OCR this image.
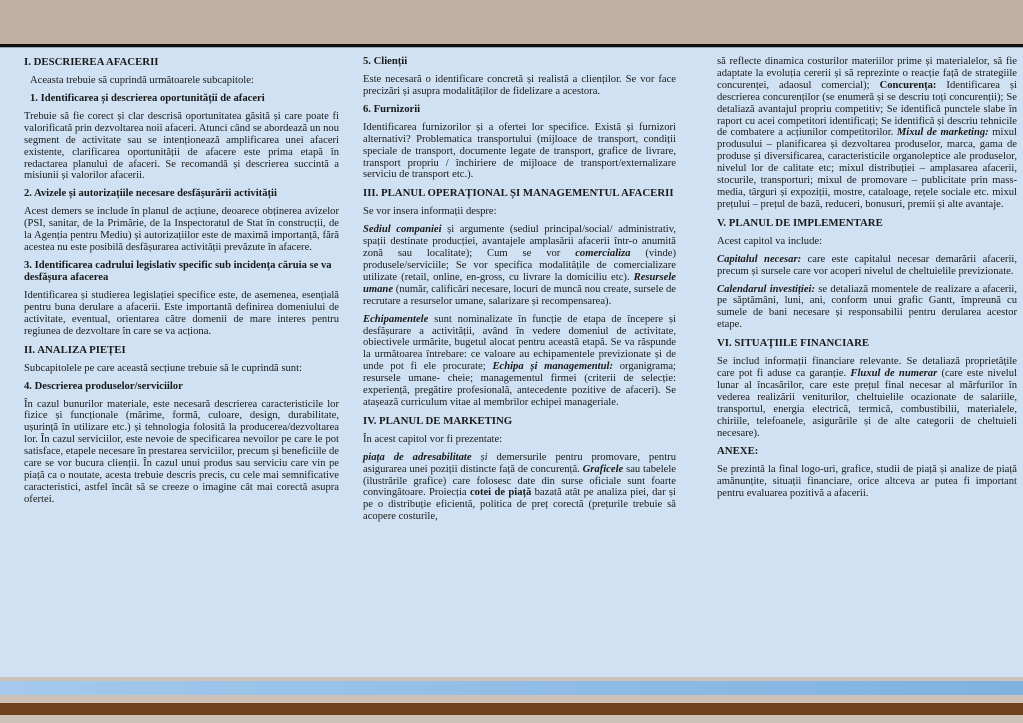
I. DESCRIEREA AFACERII

Aceasta trebuie să cuprindă următoarele subcapitole:

1. Identificarea și descrierea oportunității de afaceri

Trebuie să fie corect și clar descrisă oportunitatea găsită și care poate fi valorificată prin dezvoltarea noii afaceri. Atunci când se abordează un nou segment de activitate sau se intenționează amplificarea unei afaceri existente, clarificarea oportunității de afacere este prima etapă în redactarea planului de afaceri. Se recomandă și descrierea succintă a misiunii și valorilor afacerii.

2. Avizele și autorizațiile necesare desfășurării activității

Acest demers se include în planul de acțiune, deoarece obținerea avizelor (PSI, sanitar, de la Primărie, de la Inspectoratul de Stat în construcții, de la Agenția pentru Mediu) și autorizațiilor este de maximă importanță, fără acestea nu este posibilă desfășurarea activității prevăzute în afacere.

3. Identificarea cadrului legislativ specific sub incidența căruia se va desfășura afacerea

Identificarea și studierea legislației specifice este, de asemenea, esențială pentru buna derulare a afacerii. Este importantă definirea domeniului de activitate, eventual, orientarea către domenii de mare interes pentru regiunea de dezvoltare în care se va acționa.

II. ANALIZA PIEȚEI

Subcapitolele pe care această secțiune trebuie să le cuprindă sunt:

4. Descrierea produselor/serviciilor

În cazul bunurilor materiale, este necesară descrierea caracteristicile lor fizice și funcționale (mărime, formă, culoare, design, durabilitate, ușurință în utilizare etc.) și tehnologia folosită la producerea/dezvoltarea lor. În cazul serviciilor, este nevoie de specificarea nevoilor pe care le pot satisface, etapele necesare în prestarea serviciilor, precum și beneficiile de care se vor bucura clienții. În cazul unui produs sau serviciu care vin pe piață ca o noutate, acesta trebuie descris precis, cu cele mai semnificative caracteristici, astfel încât să se creeze o imagine cât mai corectă asupra ofertei.

5. Clienții

Este necesară o identificare concretă și realistă a clienților. Se vor face precizări și asupra modalităților de fidelizare a acestora.

6. Furnizorii

Identificarea furnizorilor și a ofertei lor specifice. Există și furnizori alternativi? Problematica transportului (mijloace de transport, condiții speciale de transport, documente legate de transport, grafice de livrare, transport propriu / închiriere de mijloace de transport/externalizare serviciu de transport etc.).

III. PLANUL OPERAȚIONAL ȘI MANAGEMENTUL AFACERII

Se vor insera informații despre:

Sediul companiei și argumente (sediul principal/social/ administrativ, spații destinate producției, avantajele amplasării afacerii într-o anumită zonă sau localitate); Cum se vor comercializa (vinde) produsele/serviciile; Se vor specifica modalitățile de comercializare utilizate (retail, online, en-gross, cu livrare la domiciliu etc). Resursele umane (număr, calificări necesare, locuri de muncă nou create, sursele de recrutare a resurselor umane, salarizare și recompensarea).

Echipamentele sunt nominalizate în funcție de etapa de începere și desfășurare a activității, având în vedere domeniul de activitate, obiectivele urmărite, bugetul alocat pentru această etapă. Se va răspunde la următoarea întrebare: ce valoare au echipamentele previzionate și de unde pot fi ele procurate; Echipa și managementul: organigrama; resursele umane- cheie; managementul firmei (criterii de selecție: experiență, pregătire profesională, antecedente pozitive de afaceri). Se atașează curriculum vitae al membrilor echipei manageriale.

IV. PLANUL DE MARKETING

În acest capitol vor fi prezentate:

piața de adresabilitate și demersurile pentru promovare, pentru asigurarea unei poziții distincte față de concurență. Graficele sau tabelele (ilustrările grafice) care folosesc date din surse oficiale sunt foarte convingătoare. Proiecția cotei de piață bazată atât pe analiza piei, dar și pe o distribuție eficientă, politica de preț corectă (prețurile trebuie să acopere costurile,

să reflecte dinamica costurilor materiilor prime și materialelor, să fie adaptate la evoluția cererii și să reprezinte o reacție față de strategiile concurenței, adaosul comercial); Concurența: Identificarea și descrierea concurenților (se enumeră și se descriu toți concurenții); Se detaliază avantajul propriu competitiv; Se identifică punctele slabe în raport cu acei competitori identificați; Se identifică și descriu tehnicile de combatere a acțiunilor competitorilor. Mixul de marketing: mixul produsului – planificarea și dezvoltarea produselor, marca, gama de produse și diversificarea, caracteristicile organoleptice ale produselor, nivelul lor de calitate etc; mixul distribuției – amplasarea afacerii, stocurile, transporturi; mixul de promovare – publicitate prin mass-media, târguri și expoziții, mostre, cataloage, rețele sociale etc. mixul prețului – prețul de bază, reduceri, bonusuri, premii și alte avantaje.

V. PLANUL DE IMPLEMENTARE

Acest capitol va include:

Capitalul necesar: care este capitalul necesar demarării afacerii, precum și sursele care vor acoperi nivelul de cheltuielile previzionate.

Calendarul investiției: se detaliază momentele de realizare a afacerii, pe săptămâni, luni, ani, conform unui grafic Gantt, împreună cu sumele de bani necesare și responsabilii pentru derularea acestor etape.

VI. SITUAȚIILE FINANCIARE

Se includ informații financiare relevante. Se detaliază proprietățile care pot fi aduse ca garanție. Fluxul de numerar (care este nivelul lunar al încasărilor, care este prețul final necesar al mărfurilor în vederea realizării veniturilor, cheltuielile ocazionate de salariile, transportul, energia electrică, termică, combustibilii, materialele, chiriile, telefoanele, asigurările și de alte categorii de cheltuieli necesare).

ANEXE:

Se prezintă la final logo-uri, grafice, studii de piață și analize de piață amănunțite, situații financiare, orice altceva ar putea fi important pentru evaluarea pozitivă a afacerii.
